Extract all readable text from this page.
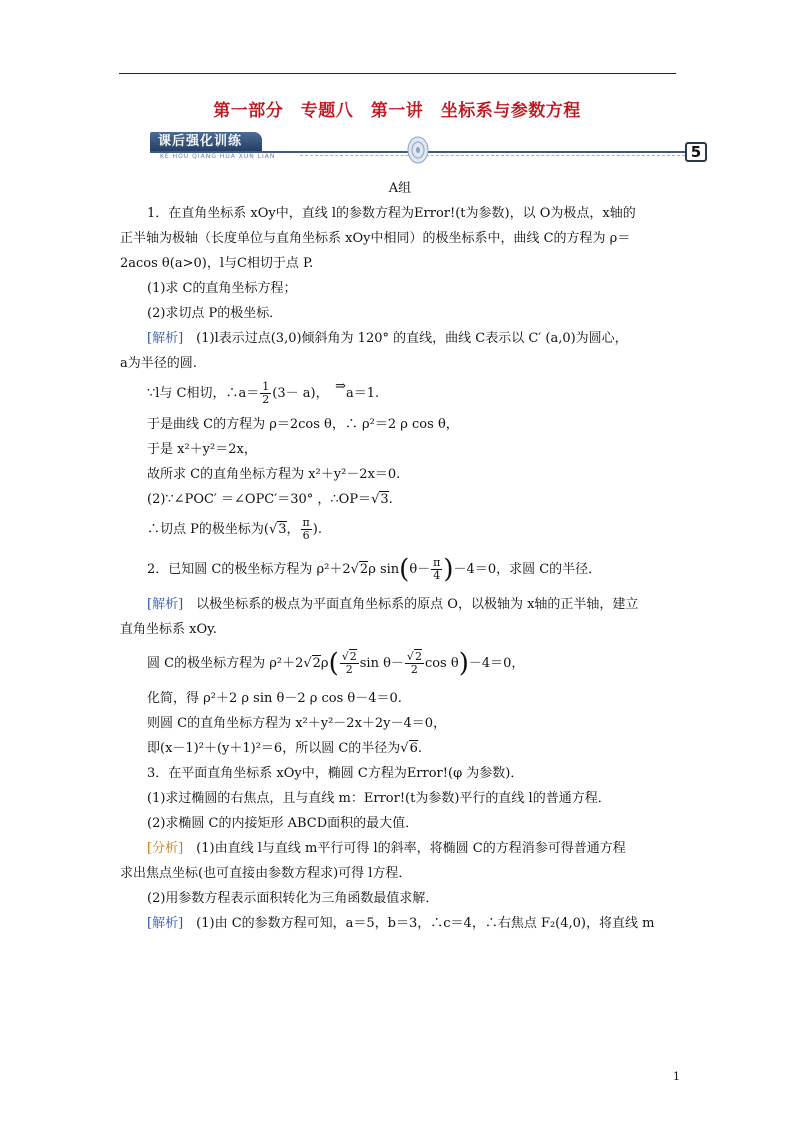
第一部分　专题八　第一讲　坐标系与参数方程
课后强化训练
KE HOU QIANG HUA XUN LIAN	5

A组

1．在直角坐标系 xOy中，直线 l的参数方程为Error!(t为参数)，以 O为极点，x轴的

正半轴为极轴（长度单位与直角坐标系 xOy中相同）的极坐标系中，曲线 C的方程为 ρ＝

2acos θ(a>0)，l与C相切于点 P.

(1)求 C的直角坐标方程；

(2)求切点 P的极坐标．

[解析]　(1)l表示过点(3,0)倾斜角为 120° 的直线，曲线 C表示以 C′ (a,0)为圆心，

a为半径的圆.

∵l与 C相切，∴a＝ $\frac{1}{2} (3- a)$，　 ⇒a＝1.

于是曲线 C的方程为 ρ＝2cos θ，∴ ρ²＝2 ρ cos θ，

于是 x²＋y²＝2x，

故所求 C的直角坐标方程为 x²＋y²－2x＝0.

(2)∵∠POC′ ＝∠OPC′＝30° ，∴OP＝√3.

∴切点 P的极坐标为(√3， $\frac{\pi}{6}$ ).

2．已知圆 C的极坐标方程为 ρ²＋2√2ρ $\sin(\theta- \frac{\pi}{4} )-4=0$，求圆 C的半径．

[解析]　以极坐标系的极点为平面直角坐标系的原点 O，以极轴为 x轴的正半轴，建立

直角坐标系 xOy.

圆 C的极坐标方程为 $\rho^2+2√2\rho( \frac{√2}{2}$ $\sin \theta- \frac{√2}{2}$ cos θ)－4＝0，

化简，得 ρ²＋2 ρ sin θ－2 ρ cos θ－4＝0.

则圆 C的直角坐标方程为 x²＋y²－2x＋2y－4＝0，

即(x－1)²＋(y＋1)²＝6，所以圆 C的半径为√6.

3．在平面直角坐标系 xOy中，椭圆 C方程为Error!(φ 为参数)．

(1)求过椭圆的右焦点，且与直线 m：Error!(t为参数)平行的直线 l的普通方程．

(2)求椭圆 C的内接矩形 ABCD面积的最大值．

[分析]　(1)由直线 l与直线 m平行可得 l的斜率，将椭圆 C的方程消参可得普通方程

求出焦点坐标(也可直接由参数方程求)可得 l方程．

(2)用参数方程表示面积转化为三角函数最值求解．

[解析]　(1)由 C的参数方程可知，a＝5，b＝3，∴c＝4，∴右焦点 F₂(4,0)，将直线 m

1
